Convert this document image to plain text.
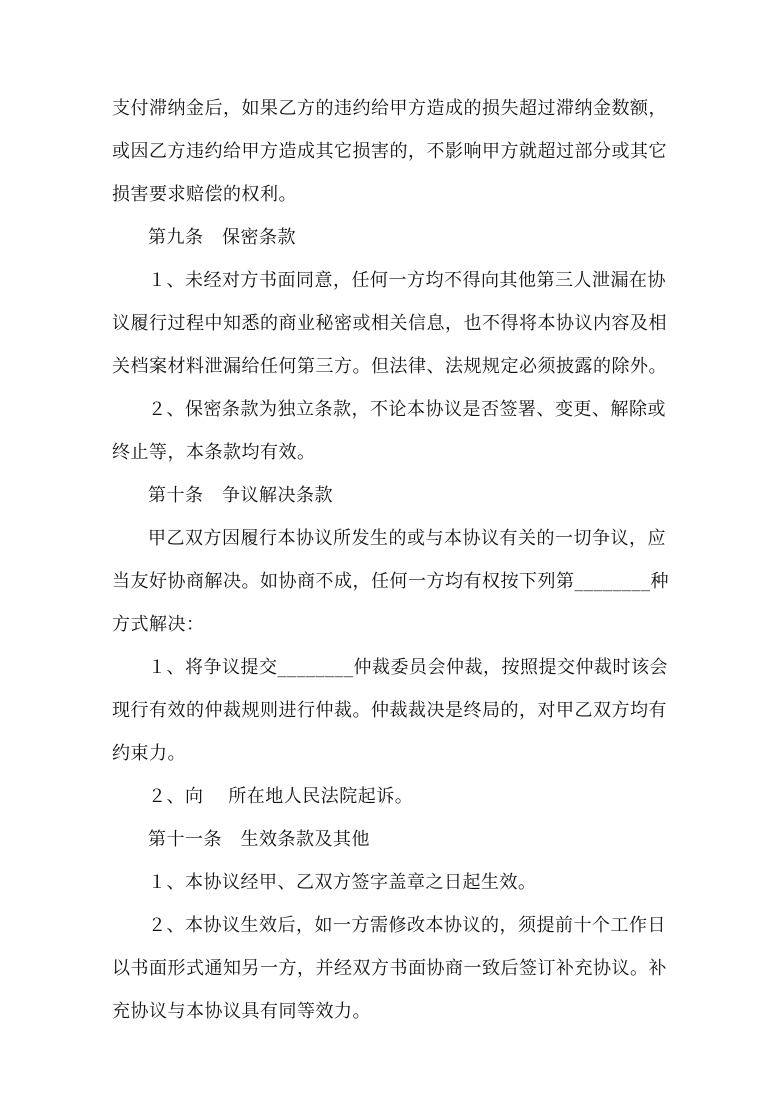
支付滞纳金后，如果乙方的违约给甲方造成的损失超过滞纳金数额，
或因乙方违约给甲方造成其它损害的，不影响甲方就超过部分或其它
损害要求赔偿的权利。
第九条　保密条款
１、未经对方书面同意，任何一方均不得向其他第三人泄漏在协
议履行过程中知悉的商业秘密或相关信息，也不得将本协议内容及相
关档案材料泄漏给任何第三方。但法律、法规规定必须披露的除外。
２、保密条款为独立条款，不论本协议是否签署、变更、解除或
终止等，本条款均有效。
第十条　争议解决条款
甲乙双方因履行本协议所发生的或与本协议有关的一切争议，应
当友好协商解决。如协商不成，任何一方均有权按下列第________种
方式解决：
１、将争议提交________仲裁委员会仲裁，按照提交仲裁时该会
现行有效的仲裁规则进行仲裁。仲裁裁决是终局的，对甲乙双方均有
约束力。
２、向　 所在地人民法院起诉。
第十一条　生效条款及其他
１、本协议经甲、乙双方签字盖章之日起生效。
２、本协议生效后，如一方需修改本协议的，须提前十个工作日
以书面形式通知另一方，并经双方书面协商一致后签订补充协议。补
充协议与本协议具有同等效力。
